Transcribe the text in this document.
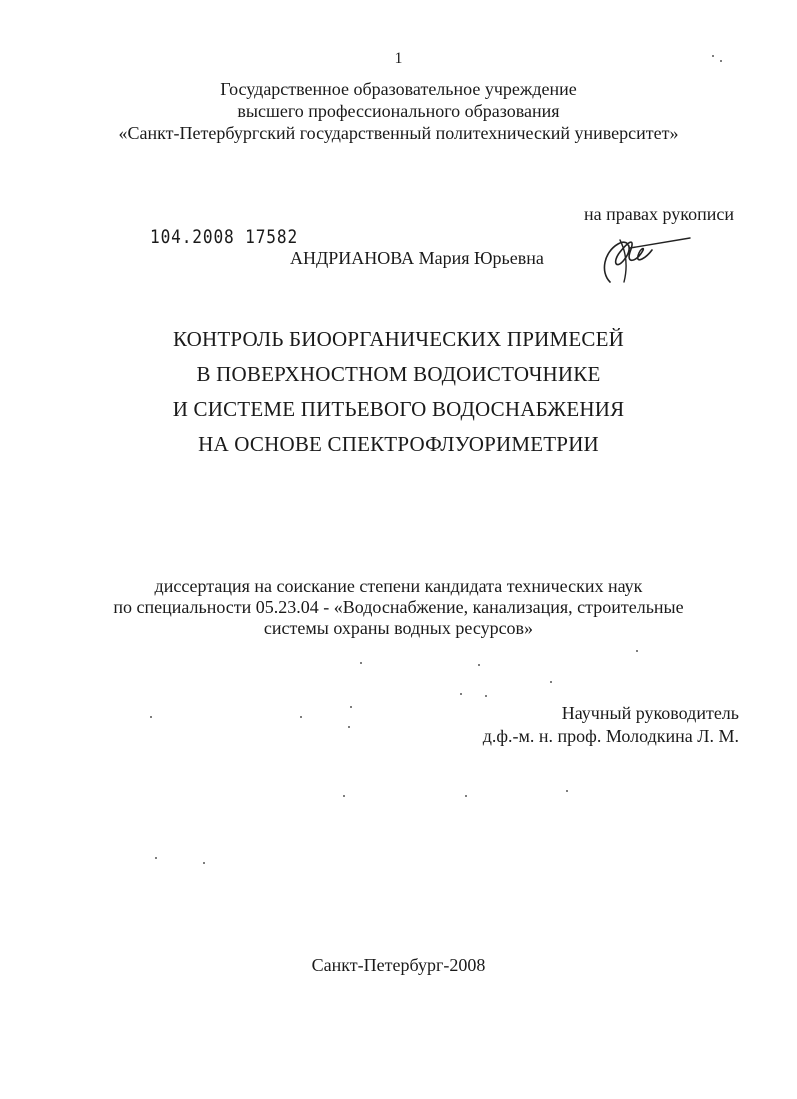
1
Государственное образовательное учреждение
высшего профессионального образования
«Санкт-Петербургский государственный политехнический университет»
на правах рукописи
104.2008 17582
АНДРИАНОВА Мария Юрьевна
КОНТРОЛЬ БИООРГАНИЧЕСКИХ ПРИМЕСЕЙ
В ПОВЕРХНОСТНОМ ВОДОИСТОЧНИКЕ
И СИСТЕМЕ ПИТЬЕВОГО ВОДОСНАБЖЕНИЯ
НА ОСНОВЕ СПЕКТРОФЛУОРИМЕТРИИ
диссертация на соискание степени кандидата технических наук
по специальности 05.23.04 - «Водоснабжение, канализация, строительные
системы охраны водных ресурсов»
Научный руководитель
д.ф.-м. н. проф. Молодкина Л. М.
Санкт-Петербург-2008
